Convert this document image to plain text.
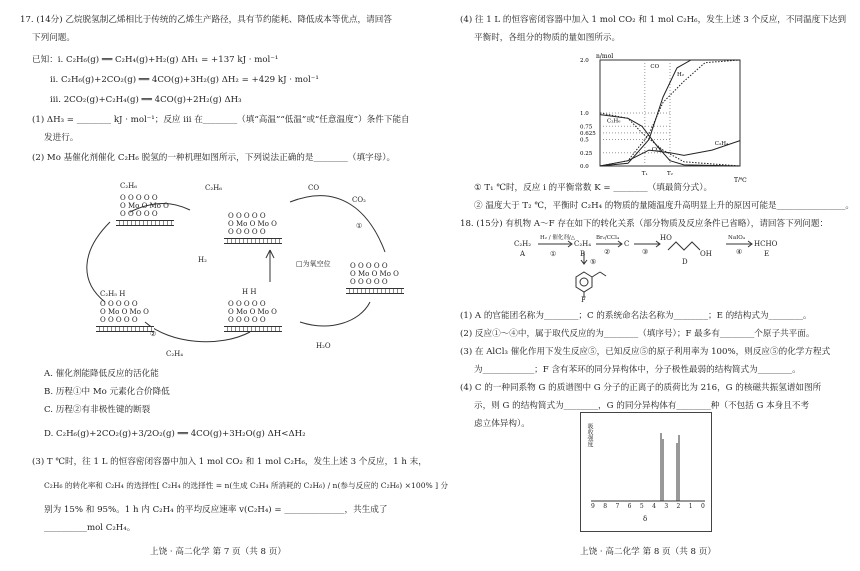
17. (14分) 乙烷脱氢制乙烯相比于传统的乙烯生产路径，具有节约能耗、降低成本等优点，请回答
下列问题。
已知：i. C₂H₆(g) ══ C₂H₄(g)+H₂(g) ΔH₁ = +137 kJ · mol⁻¹
ii. C₂H₆(g)+2CO₂(g) ══ 4CO(g)+3H₂(g) ΔH₂ = +429 kJ · mol⁻¹
iii. 2CO₂(g)+C₂H₄(g) ══ 4CO(g)+2H₂(g) ΔH₃
(1) ΔH₃ = ________ kJ · mol⁻¹；反应 iii 在________（填“高温”“低温”或“任意温度”）条件下能自
发进行。
(2) Mo 基催化剂催化 C₂H₆ 脱氢的一种机理如图所示，下列说法正确的是________（填字母）。
C₂H₆
O O O O O
O Mo O Mo O
O O O O O
C₂H₆
O O O O O
O Mo O Mo O
O O O O O
CO
CO₂
①
H₂	□为氧空位	O O O O O
O Mo O Mo O
O O O O O
C₂H₅ H
O O O O O
O Mo O Mo O
O O O O O
②
C₂H₄
H H
O O O O O
O Mo O Mo O
O O O O O
H₂O
A. 催化剂能降低反应的活化能
B. 历程①中 Mo 元素化合价降低
C. 历程②有非极性键的断裂
D. C₂H₆(g)+2CO₂(g)+3/2O₂(g) ══ 4CO(g)+3H₂O(g) ΔH<ΔH₂
(3) T ℃时，往 1 L 的恒容密闭容器中加入 1 mol CO₂ 和 1 mol C₂H₆，发生上述 3 个反应，1 h 末，
C₂H₆ 的转化率和 C₂H₄ 的选择性[ C₂H₄ 的选择性 = n(生成 C₂H₄ 所消耗的 C₂H₆) / n(参与反应的 C₂H₆) ×100% ] 分
别为 15% 和 95%。1 h 内 C₂H₄ 的平均反应速率 v(C₂H₄) = ______________，共生成了
__________mol C₂H₄。
上饶 · 高二化学 第 7 页（共 8 页）
(4) 往 1 L 的恒容密闭容器中加入 1 mol CO₂ 和 1 mol C₂H₆，发生上述 3 个反应，不同温度下达到
平衡时，各组分的物质的量如图所示。
n/mol
T/℃
2.0
1.0
0.75
0.625
0.5
0.25
0.0
T₁	T₂
CO
H₂
C₂H₆
CO₂
C₂H₄
① T₁ ℃时，反应 i 的平衡常数 K = ________（填最简分式）。
② 温度大于 T₂ ℃，平衡时 C₂H₄ 的物质的量随温度升高明显上升的原因可能是________________。
18. (15分) 有机物 A～F 存在如下的转化关系（部分物质及反应条件已省略），请回答下列问题：
C₂H₂
A
H₂ / 催化剂/△
①
C₂H₄
B
Br₂/CCl₄
②
C
③
HO
OH
D
NaIO₄
④
HCHO
E
⑤
F
(1) A 的官能团名称为________；C 的系统命名法名称为________；E 的结构式为________。
(2) 反应①～④中，属于取代反应的为________（填序号）；F 最多有________个原子共平面。
(3) 在 AlCl₃ 催化作用下发生反应⑤，已知反应⑤的原子利用率为 100%，则反应⑤的化学方程式
为____________；F 含有苯环的同分异构体中，分子极性最弱的结构简式为________。
(4) C 的一种同系物 G 的质谱图中 G 分子的正离子的质荷比为 216，G 的核磁共振氢谱如图所
示，则 G 的结构简式为________，G 的同分异构体有________种（不包括 G 本身且不考
虑立体异构）。	吸收强度
9 8 7 6 5 4 3 2 1 0
δ
上饶 · 高二化学 第 8 页（共 8 页）
